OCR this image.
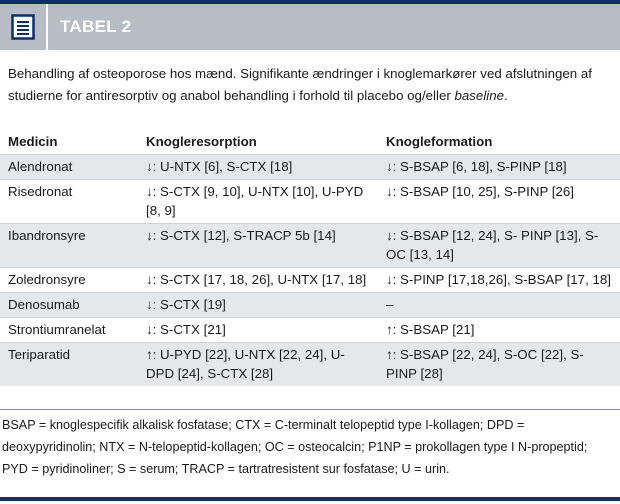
TABEL 2
Behandling af osteoporose hos mænd. Signifikante ændringer i knoglemarkører ved afslutningen af studierne for antiresorptiv og anabol behandling i forhold til placebo og/eller baseline.
Medicin	Knogleresorption	Knogleformation
Alendronat	↓: U-NTX [6], S-CTX [18]	↓: S-BSAP [6, 18], S-PINP [18]
Risedronat	↓: S-CTX [9, 10], U-NTX [10], U-PYD [8, 9]	↓: S-BSAP [10, 25], S-PINP [26]
Ibandronsyre	↓: S-CTX [12], S-TRACP 5b [14]	↓: S-BSAP [12, 24], S- PINP [13], S-OC [13, 14]
Zoledronsyre	↓: S-CTX [17, 18, 26], U-NTX [17, 18]	↓: S-PINP [17,18,26], S-BSAP [17, 18]
Denosumab	↓: S-CTX [19]	–
Strontiumranelat	↓: S-CTX [21]	↑: S-BSAP [21]
Teriparatid	↑: U-PYD [22], U-NTX [22, 24], U-DPD [24], S-CTX [28]	↑: S-BSAP [22, 24], S-OC [22], S-PINP [28]
BSAP = knoglespecifik alkalisk fosfatase; CTX = C-terminalt telopeptid type I-kollagen; DPD = deoxypyridinolin; NTX = N-telopeptid-kollagen; OC = osteocalcin; P1NP = prokollagen type I N-propeptid; PYD = pyridinoliner; S = serum; TRACP = tartratresistent sur fosfatase; U = urin.
